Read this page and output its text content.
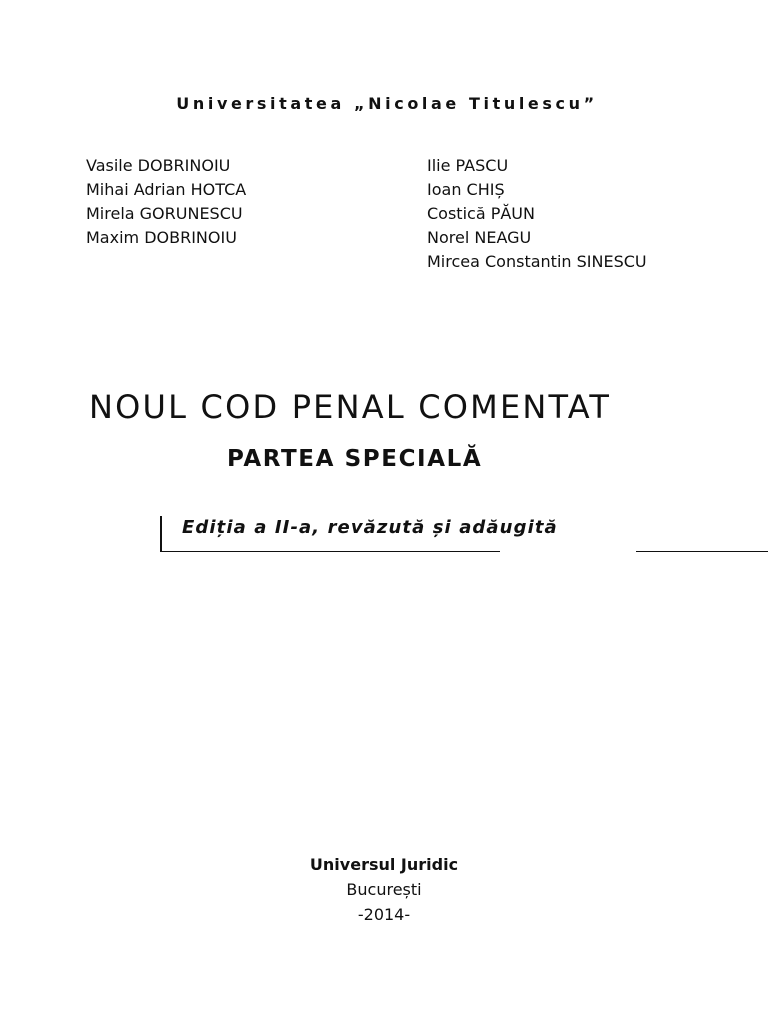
Universitatea „Nicolae Titulescu”
Vasile DOBRINOIU
Mihai Adrian HOTCA
Mirela GORUNESCU
Maxim DOBRINOIU
Ilie PASCU
Ioan CHIȘ
Costică PĂUN
Norel NEAGU
Mircea Constantin SINESCU
NOUL COD PENAL COMENTAT
PARTEA SPECIALĂ
Ediția a II-a, revăzută și adăugită
Universul Juridic
București
-2014-
